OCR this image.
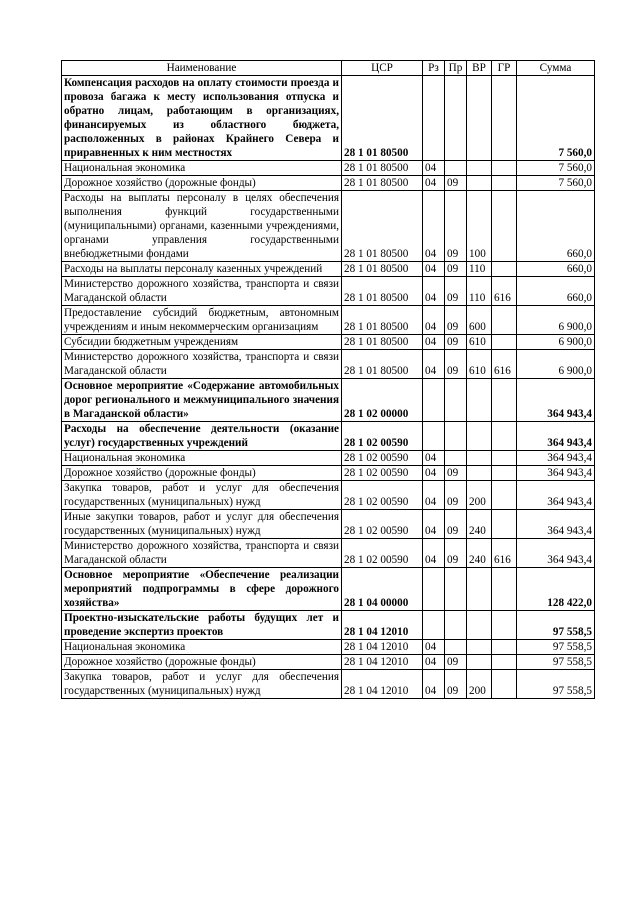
Наименование	ЦСР	Рз	Пр	ВР	ГР	Сумма
Компенсация расходов на оплату стоимости проезда и провоза багажа к месту использования отпуска и обратно лицам, работающим в организациях, финансируемых из областного бюджета, расположенных в районах Крайнего Севера и приравненных к ним местностях	28 1 01 80500					7 560,0
Национальная экономика	28 1 01 80500	04				7 560,0
Дорожное хозяйство (дорожные фонды)	28 1 01 80500	04	09			7 560,0
Расходы на выплаты персоналу в целях обеспечения выполнения функций государственными (муниципальными) органами, казенными учреждениями, органами управления государственными внебюджетными фондами	28 1 01 80500	04	09	100		660,0
Расходы на выплаты персоналу казенных учреждений	28 1 01 80500	04	09	110		660,0
Министерство дорожного хозяйства, транспорта и связи Магаданской области	28 1 01 80500	04	09	110	616	660,0
Предоставление субсидий бюджетным, автономным учреждениям и иным некоммерческим организациям	28 1 01 80500	04	09	600		6 900,0
Субсидии бюджетным учреждениям	28 1 01 80500	04	09	610		6 900,0
Министерство дорожного хозяйства, транспорта и связи Магаданской области	28 1 01 80500	04	09	610	616	6 900,0
Основное мероприятие «Содержание автомобильных дорог регионального и межмуниципального значения в Магаданской области»	28 1 02 00000					364 943,4
Расходы на обеспечение деятельности (оказание услуг) государственных учреждений	28 1 02 00590					364 943,4
Национальная экономика	28 1 02 00590	04				364 943,4
Дорожное хозяйство (дорожные фонды)	28 1 02 00590	04	09			364 943,4
Закупка товаров, работ и услуг для обеспечения государственных (муниципальных) нужд	28 1 02 00590	04	09	200		364 943,4
Иные закупки товаров, работ и услуг для обеспечения государственных (муниципальных) нужд	28 1 02 00590	04	09	240		364 943,4
Министерство дорожного хозяйства, транспорта и связи Магаданской области	28 1 02 00590	04	09	240	616	364 943,4
Основное мероприятие «Обеспечение реализации мероприятий подпрограммы в сфере дорожного хозяйства»	28 1 04 00000					128 422,0
Проектно-изыскательские работы будущих лет и проведение экспертиз проектов	28 1 04 12010					97 558,5
Национальная экономика	28 1 04 12010	04				97 558,5
Дорожное хозяйство (дорожные фонды)	28 1 04 12010	04	09			97 558,5
Закупка товаров, работ и услуг для обеспечения государственных (муниципальных) нужд	28 1 04 12010	04	09	200		97 558,5
